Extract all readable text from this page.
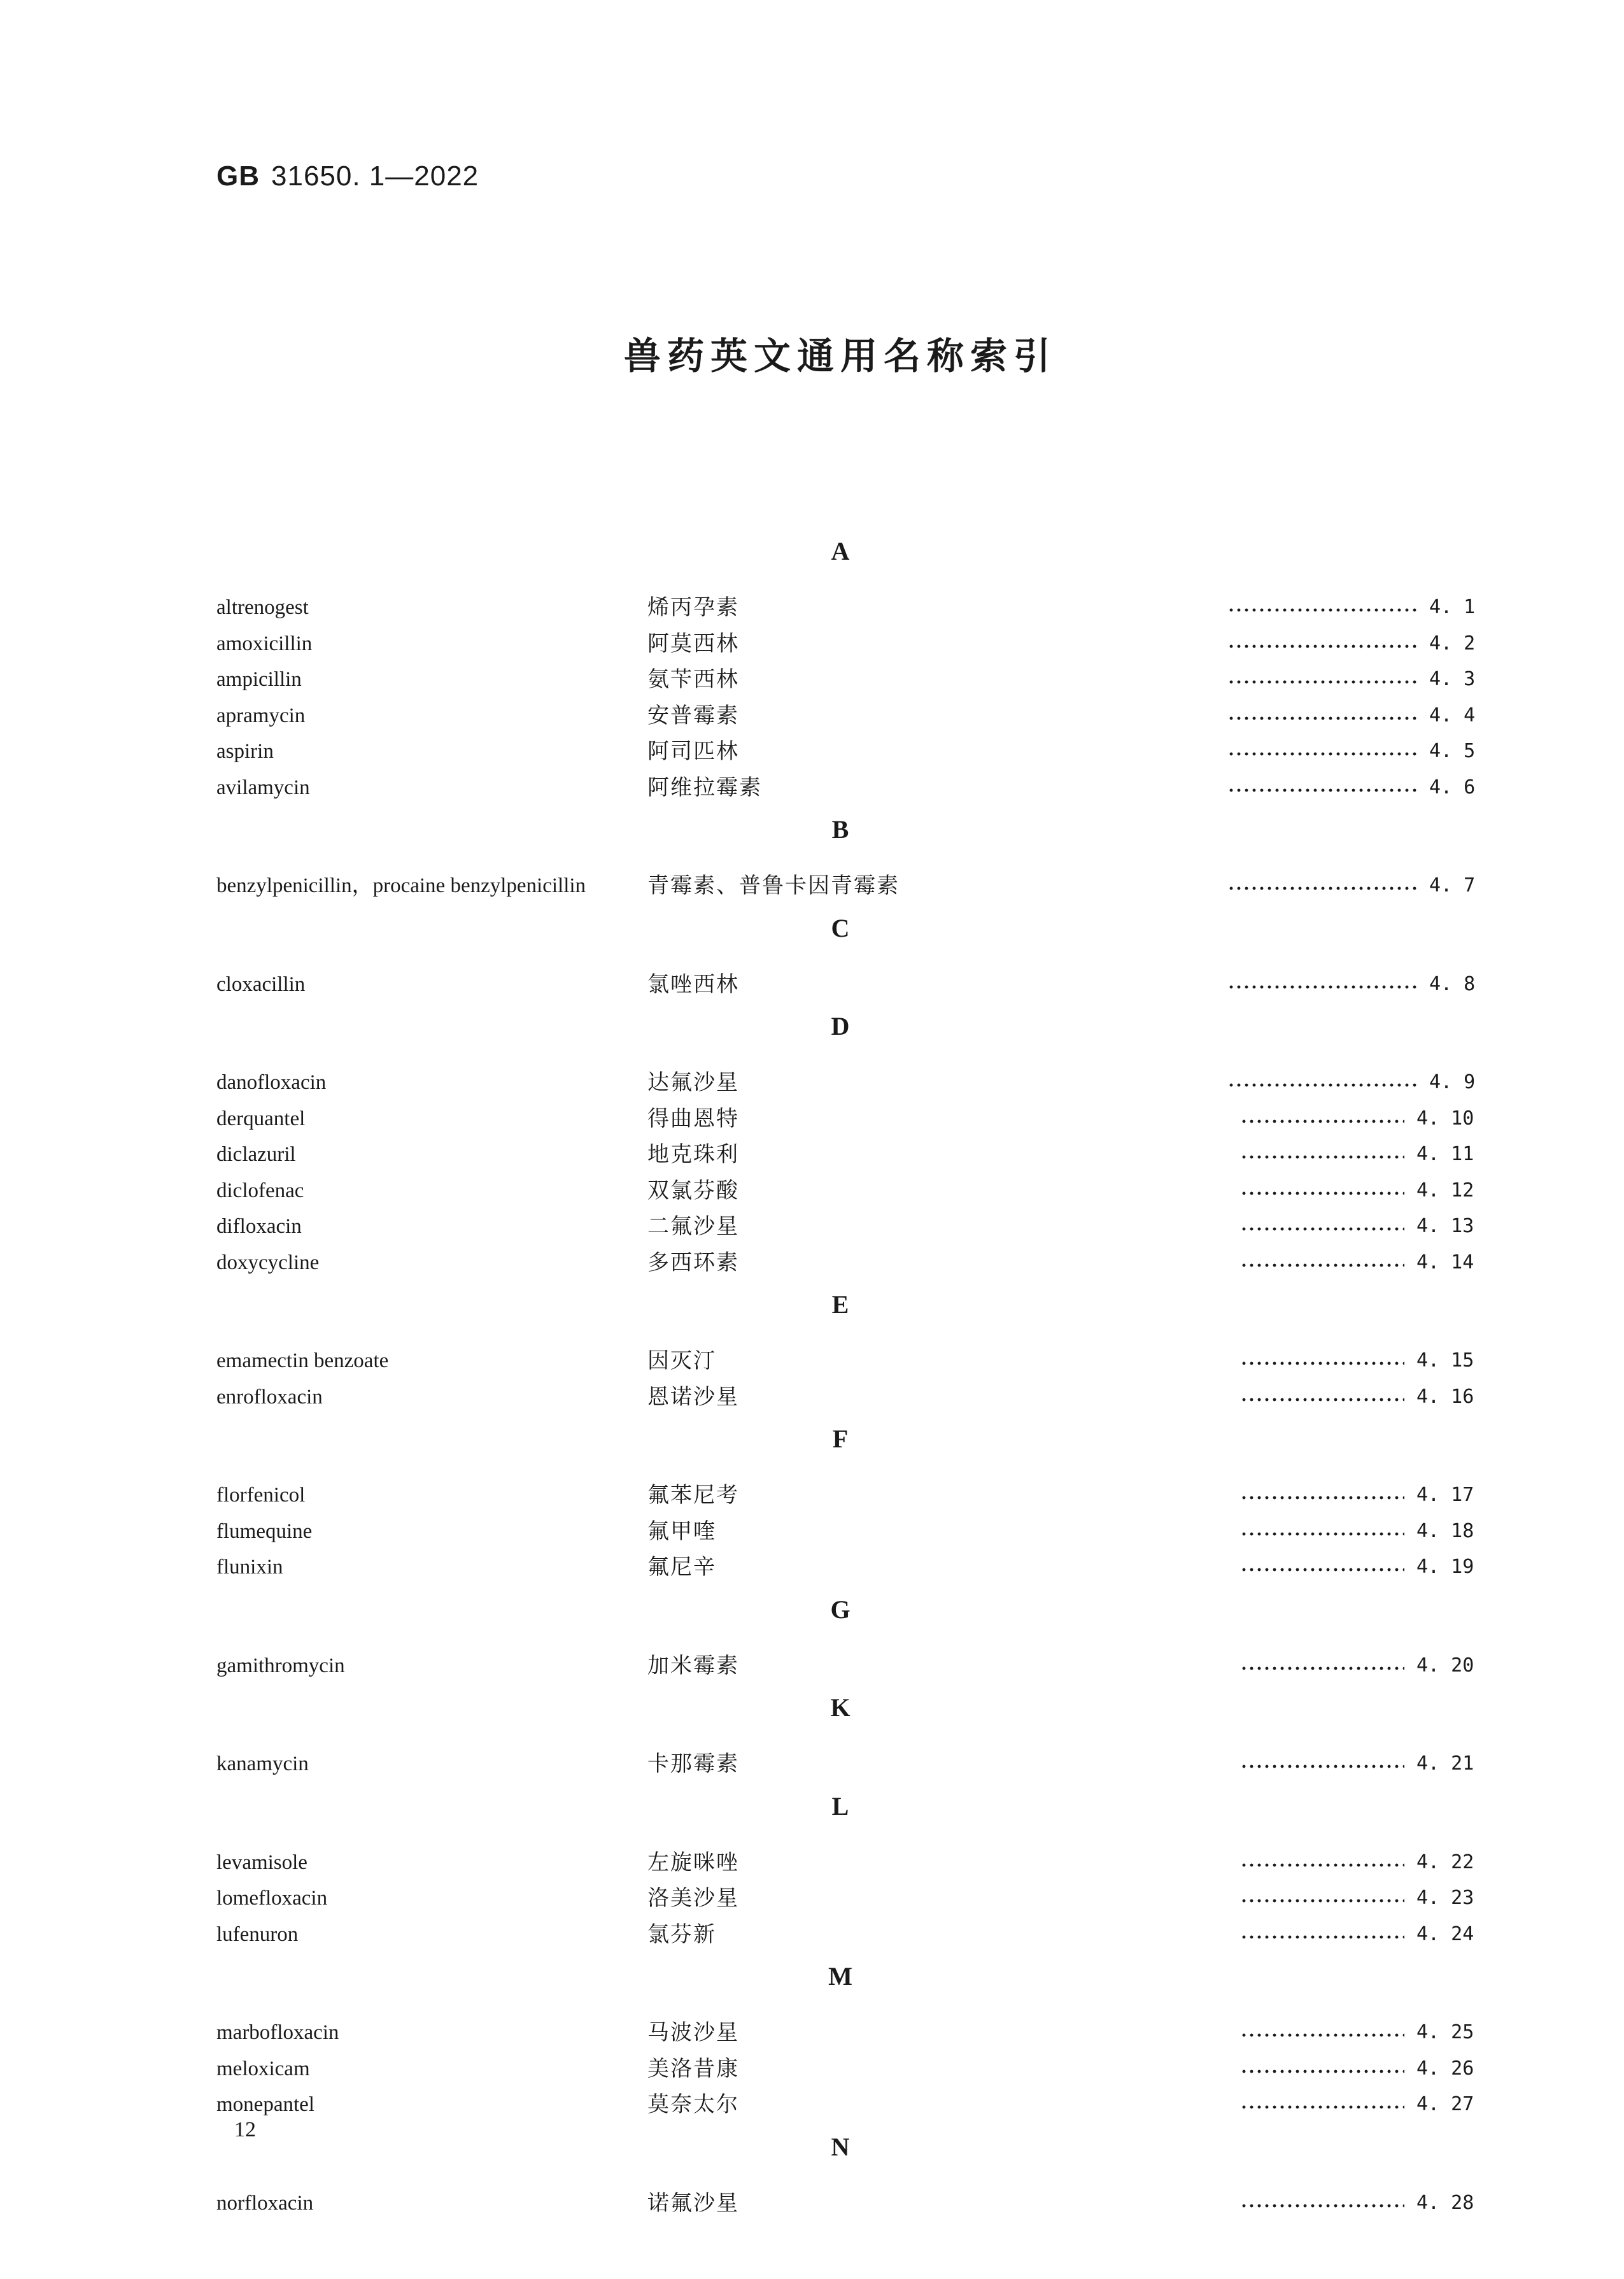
GB 31650. 1—2022
兽药英文通用名称索引
A
altrenogest	烯丙孕素	4. 1
amoxicillin	阿莫西林	4. 2
ampicillin	氨苄西林	4. 3
apramycin	安普霉素	4. 4
aspirin	阿司匹林	4. 5
avilamycin	阿维拉霉素	4. 6
B
benzylpenicillin，procaine benzylpenicillin	青霉素、普鲁卡因青霉素	4. 7
C
cloxacillin	氯唑西林	4. 8
D
danofloxacin	达氟沙星	4. 9
derquantel	得曲恩特	4. 10
diclazuril	地克珠利	4. 11
diclofenac	双氯芬酸	4. 12
difloxacin	二氟沙星	4. 13
doxycycline	多西环素	4. 14
E
emamectin benzoate	因灭汀	4. 15
enrofloxacin	恩诺沙星	4. 16
F
florfenicol	氟苯尼考	4. 17
flumequine	氟甲喹	4. 18
flunixin	氟尼辛	4. 19
G
gamithromycin	加米霉素	4. 20
K
kanamycin	卡那霉素	4. 21
L
levamisole	左旋咪唑	4. 22
lomefloxacin	洛美沙星	4. 23
lufenuron	氯芬新	4. 24
M
marbofloxacin	马波沙星	4. 25
meloxicam	美洛昔康	4. 26
monepantel	莫奈太尔	4. 27
N
norfloxacin	诺氟沙星	4. 28
12
